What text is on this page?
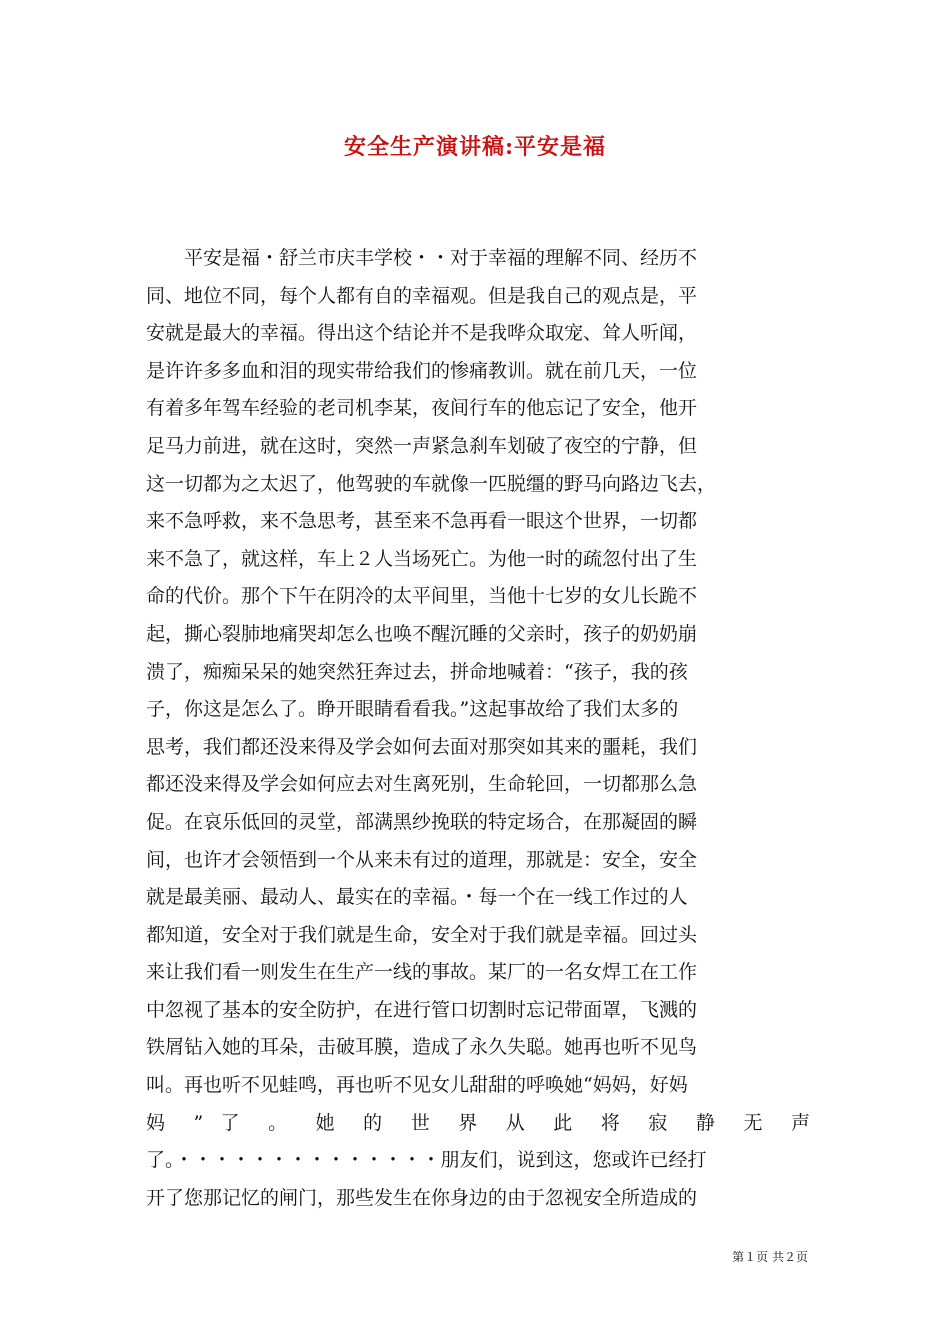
安全生产演讲稿:平安是福
平安是福・舒兰市庆丰学校・・对于幸福的理解不同、经历不
同、地位不同，每个人都有自的幸福观。但是我自己的观点是，平
安就是最大的幸福。得出这个结论并不是我哗众取宠、耸人听闻，
是许许多多血和泪的现实带给我们的惨痛教训。就在前几天，一位
有着多年驾车经验的老司机李某，夜间行车的他忘记了安全，他开
足马力前进，就在这时，突然一声紧急刹车划破了夜空的宁静，但
这一切都为之太迟了，他驾驶的车就像一匹脱缰的野马向路边飞去，
来不急呼救，来不急思考，甚至来不急再看一眼这个世界，一切都
来不急了，就这样，车上２人当场死亡。为他一时的疏忽付出了生
命的代价。那个下午在阴冷的太平间里，当他十七岁的女儿长跪不
起，撕心裂肺地痛哭却怎么也唤不醒沉睡的父亲时，孩子的奶奶崩
溃了，痴痴呆呆的她突然狂奔过去，拼命地喊着：“孩子，我的孩
子，你这是怎么了。睁开眼睛看看我。”这起事故给了我们太多的
思考，我们都还没来得及学会如何去面对那突如其来的噩耗，我们
都还没来得及学会如何应去对生离死别，生命轮回，一切都那么急
促。在哀乐低回的灵堂，部满黑纱挽联的特定场合，在那凝固的瞬
间，也许才会领悟到一个从来未有过的道理，那就是：安全，安全
就是最美丽、最动人、最实在的幸福。・每一个在一线工作过的人
都知道，安全对于我们就是生命，安全对于我们就是幸福。回过头
来让我们看一则发生在生产一线的事故。某厂的一名女焊工在工作
中忽视了基本的安全防护，在进行管口切割时忘记带面罩，飞溅的
铁屑钻入她的耳朵，击破耳膜，造成了永久失聪。她再也听不见鸟
叫。再也听不见蛙鸣，再也听不见女儿甜甜的呼唤她“妈妈，好妈
妈 ” 了 。 她 的 世 界 从 此 将 寂 静 无 声
了。・・・・・・・・・・・・・・朋友们，说到这，您或许已经打
开了您那记忆的闸门，那些发生在你身边的由于忽视安全所造成的
第１页 共２页
